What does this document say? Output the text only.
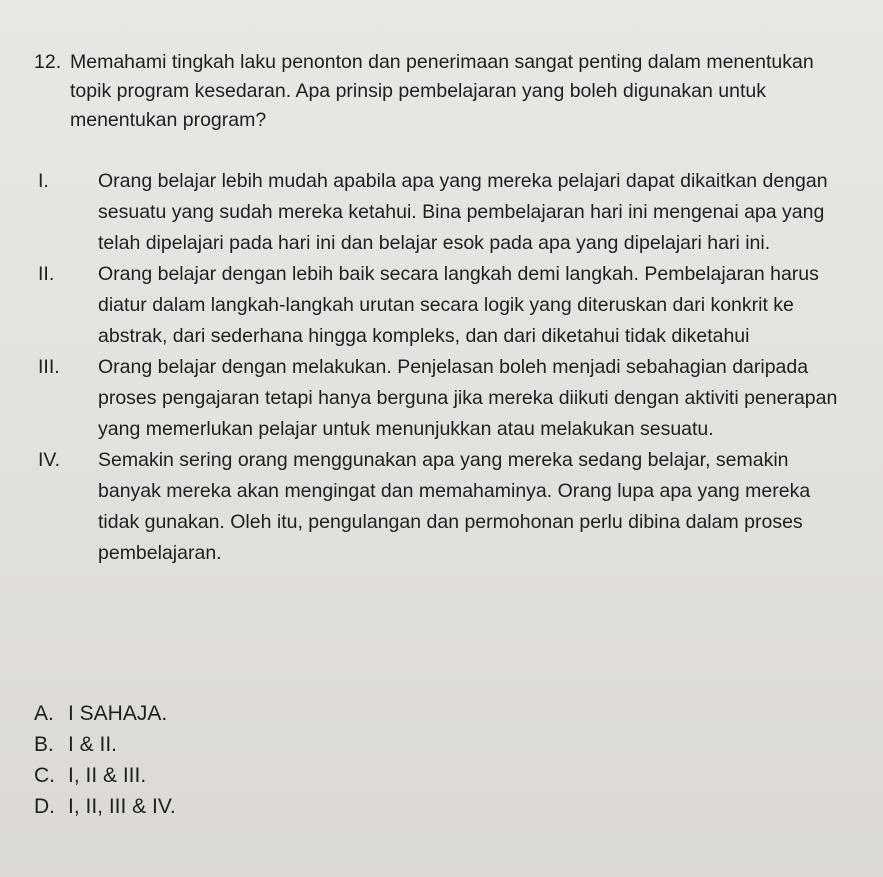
12. Memahami tingkah laku penonton dan penerimaan sangat penting dalam menentukan topik program kesedaran. Apa prinsip pembelajaran yang boleh digunakan untuk menentukan program?
I.	Orang belajar lebih mudah apabila apa yang mereka pelajari dapat dikaitkan dengan sesuatu yang sudah mereka ketahui. Bina pembelajaran hari ini mengenai apa yang telah dipelajari pada hari ini dan belajar esok pada apa yang dipelajari hari ini.
II. Orang belajar dengan lebih baik secara langkah demi langkah. Pembelajaran harus diatur dalam langkah-langkah urutan secara logik yang diteruskan dari konkrit ke abstrak, dari sederhana hingga kompleks, dan dari diketahui tidak diketahui
III. Orang belajar dengan melakukan. Penjelasan boleh menjadi sebahagian daripada proses pengajaran tetapi hanya berguna jika mereka diikuti dengan aktiviti penerapan yang memerlukan pelajar untuk menunjukkan atau melakukan sesuatu.
IV. Semakin sering orang menggunakan apa yang mereka sedang belajar, semakin banyak mereka akan mengingat dan memahaminya. Orang lupa apa yang mereka tidak gunakan. Oleh itu, pengulangan dan permohonan perlu dibina dalam proses pembelajaran.
A. I SAHAJA.
B. I & II.
C. I, II & III.
D. I, II, III & IV.
